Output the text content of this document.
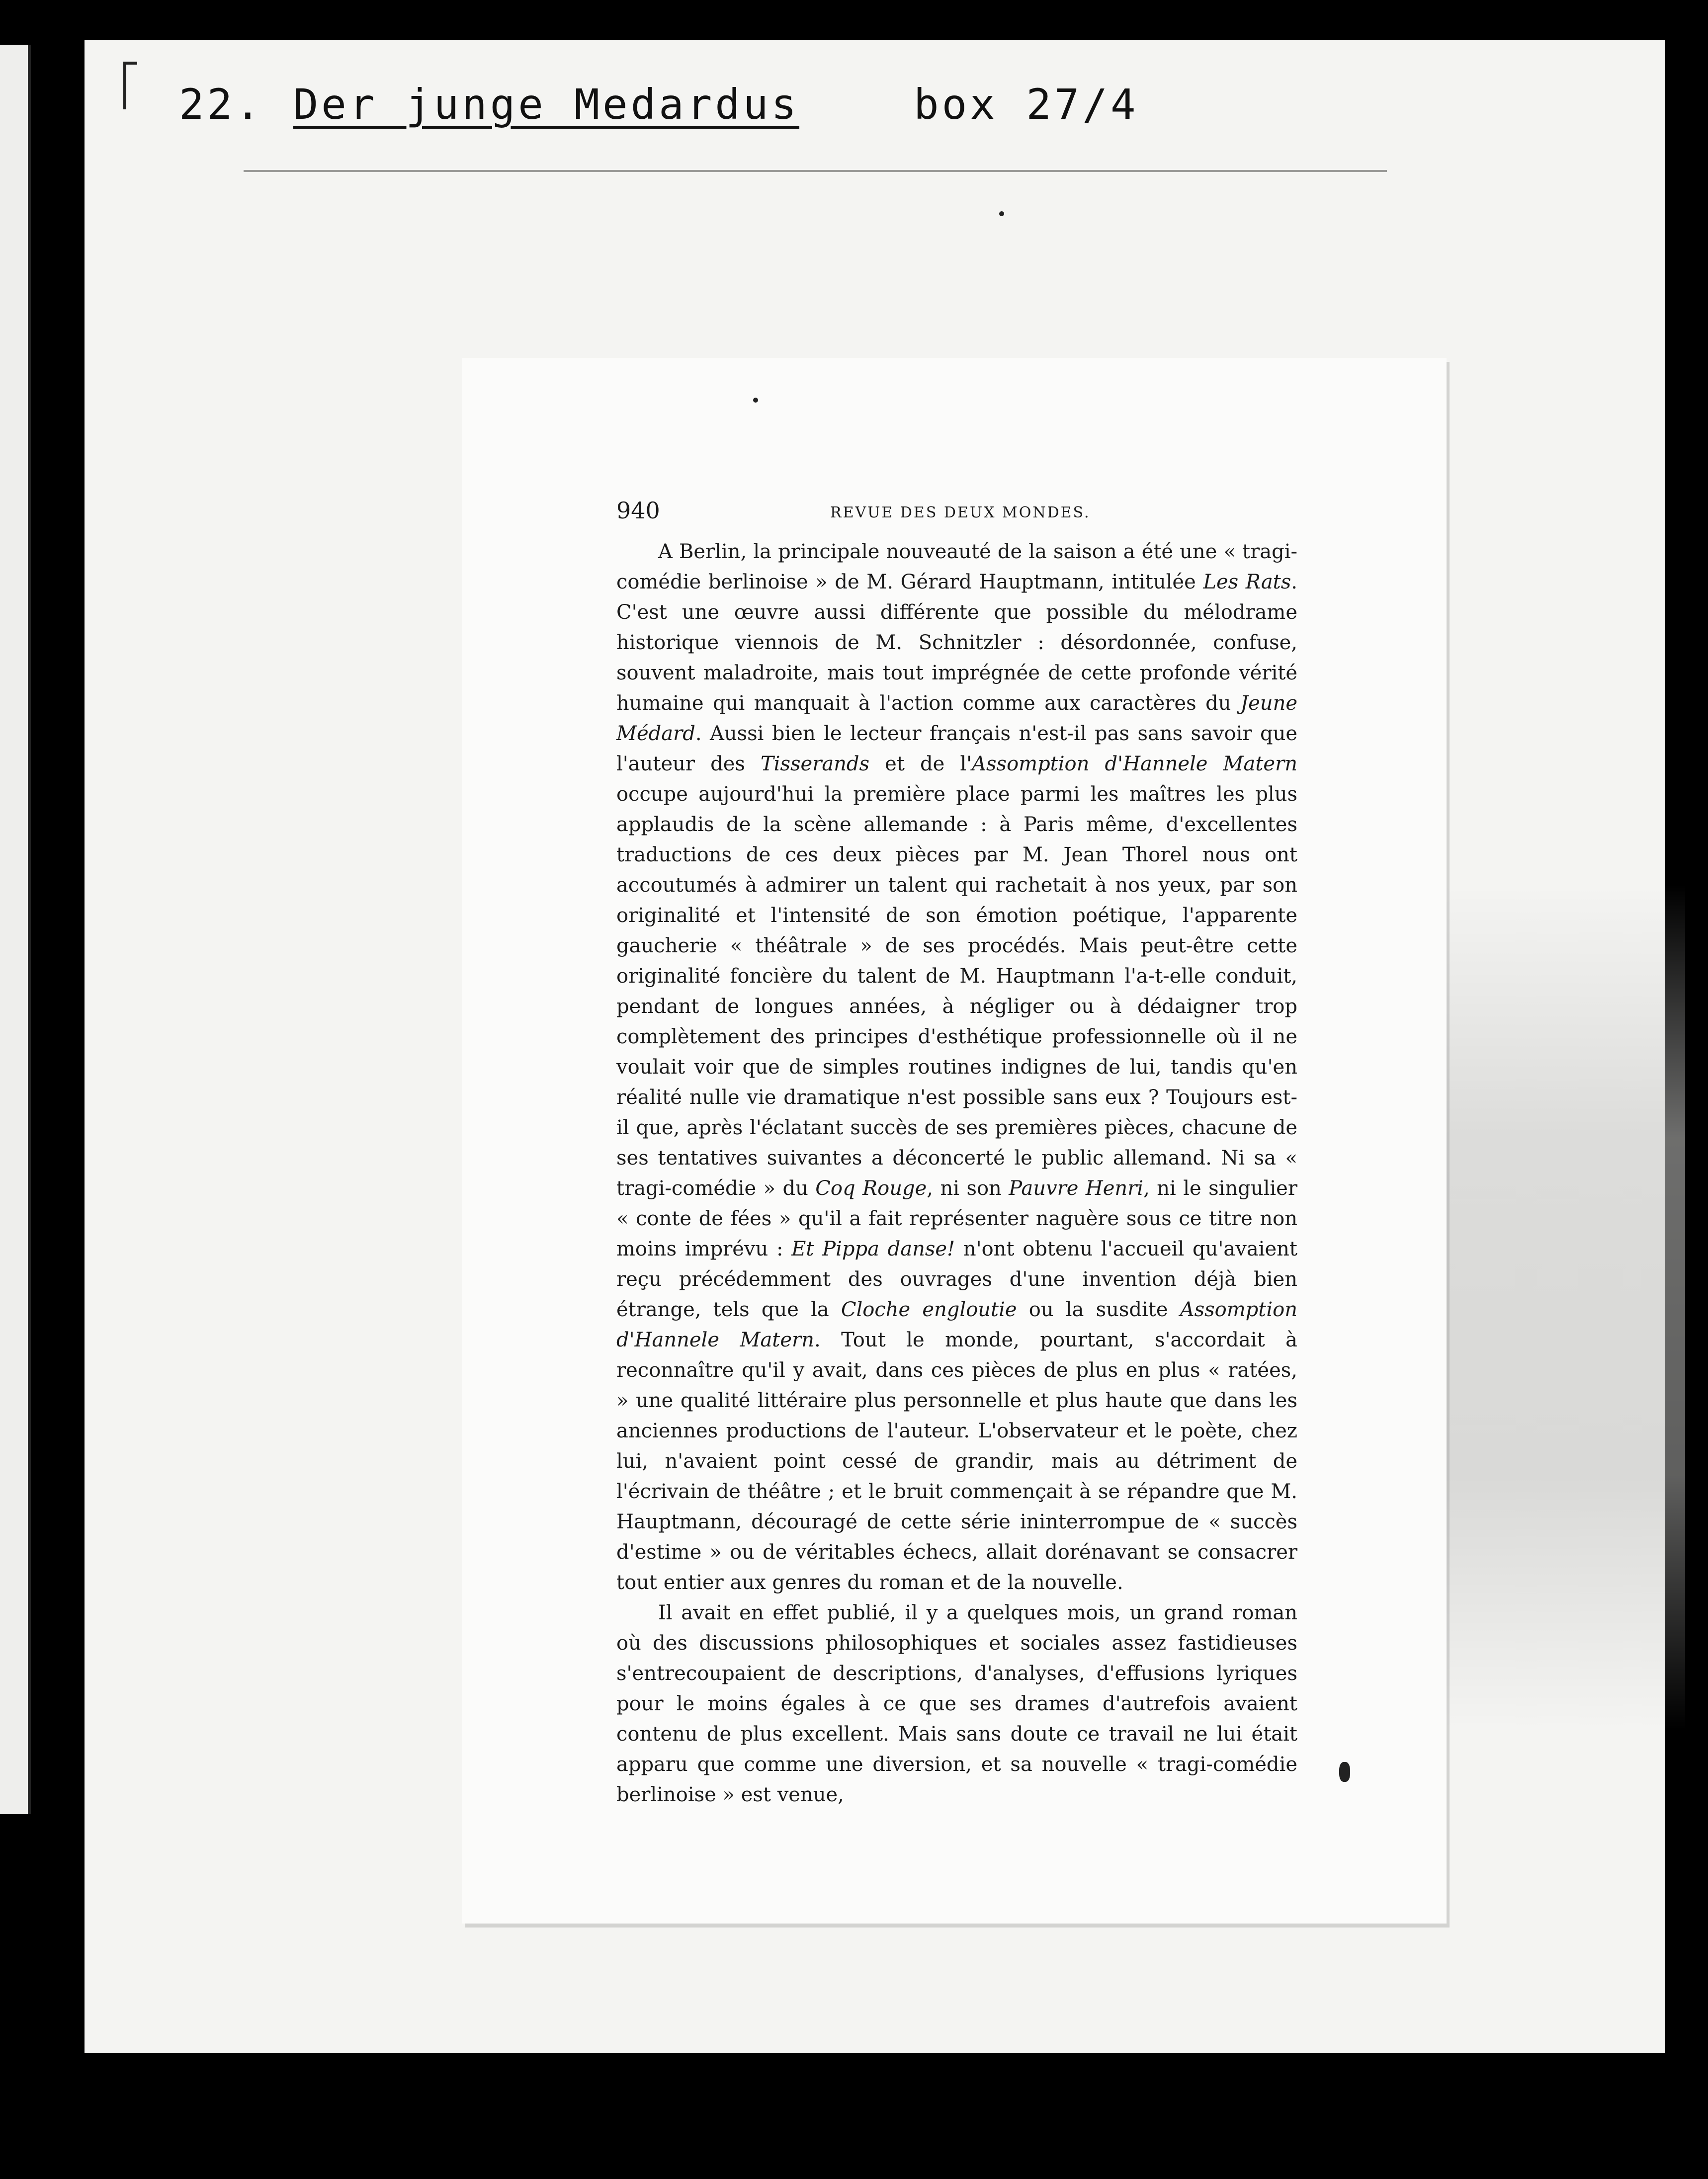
22. Der junge Medardus	box 27/4
940	REVUE DES DEUX MONDES.

A Berlin, la principale nouveauté de la saison a été une « tragi-comédie berlinoise » de M. Gérard Hauptmann, intitulée Les Rats. C'est une œuvre aussi différente que possible du mélodrame historique viennois de M. Schnitzler : désordonnée, confuse, souvent maladroite, mais tout imprégnée de cette profonde vérité humaine qui manquait à l'action comme aux caractères du Jeune Médard. Aussi bien le lecteur français n'est-il pas sans savoir que l'auteur des Tisserands et de l'Assomption d'Hannele Matern occupe aujourd'hui la première place parmi les maîtres les plus applaudis de la scène allemande : à Paris même, d'excellentes traductions de ces deux pièces par M. Jean Thorel nous ont accoutumés à admirer un talent qui rachetait à nos yeux, par son originalité et l'intensité de son émotion poétique, l'apparente gaucherie « théâtrale » de ses procédés. Mais peut-être cette originalité foncière du talent de M. Hauptmann l'a-t-elle conduit, pendant de longues années, à négliger ou à dédaigner trop complètement des principes d'esthétique professionnelle où il ne voulait voir que de simples routines indignes de lui, tandis qu'en réalité nulle vie dramatique n'est possible sans eux ? Toujours est-il que, après l'éclatant succès de ses premières pièces, chacune de ses tentatives suivantes a déconcerté le public allemand. Ni sa « tragi-comédie » du Coq Rouge, ni son Pauvre Henri, ni le singulier « conte de fées » qu'il a fait représenter naguère sous ce titre non moins imprévu : Et Pippa danse! n'ont obtenu l'accueil qu'avaient reçu précédemment des ouvrages d'une invention déjà bien étrange, tels que la Cloche engloutie ou la susdite Assomption d'Hannele Matern. Tout le monde, pourtant, s'accordait à reconnaître qu'il y avait, dans ces pièces de plus en plus « ratées, » une qualité littéraire plus personnelle et plus haute que dans les anciennes productions de l'auteur. L'observateur et le poète, chez lui, n'avaient point cessé de grandir, mais au détriment de l'écrivain de théâtre ; et le bruit commençait à se répandre que M. Hauptmann, découragé de cette série ininterrompue de « succès d'estime » ou de véritables échecs, allait dorénavant se consacrer tout entier aux genres du roman et de la nouvelle.

Il avait en effet publié, il y a quelques mois, un grand roman où des discussions philosophiques et sociales assez fastidieuses s'entrecoupaient de descriptions, d'analyses, d'effusions lyriques pour le moins égales à ce que ses drames d'autrefois avaient contenu de plus excellent. Mais sans doute ce travail ne lui était apparu que comme une diversion, et sa nouvelle « tragi-comédie berlinoise » est venue,
